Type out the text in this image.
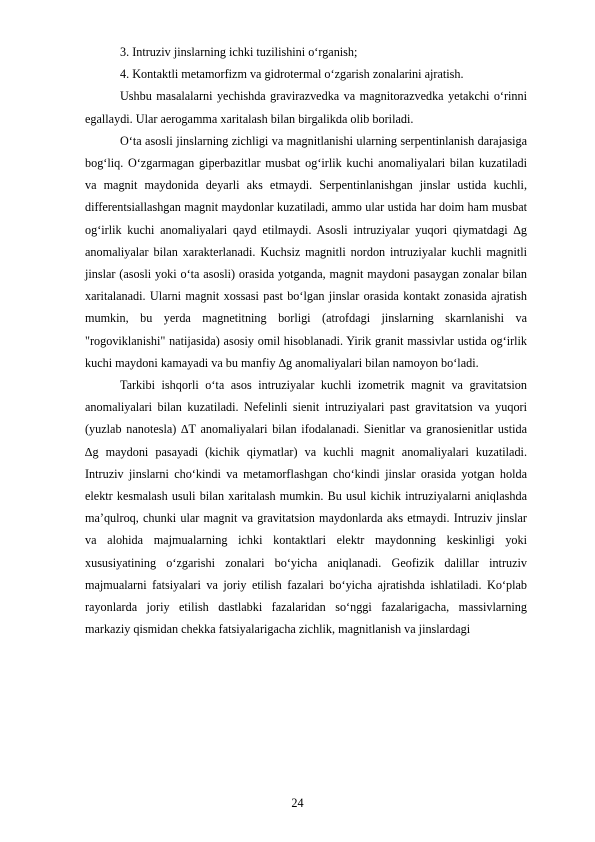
3. Intruziv jinslarning ichki tuzilishini o‘rganish;

4. Kontaktli metamorfizm va gidrotermal o‘zgarish zonalarini ajratish.

Ushbu masalalarni yechishda gravirazvedka va magnitorazvedka yetakchi o‘rinni egallaydi. Ular aerogamma xaritalash bilan birgalikda olib boriladi.

O‘ta asosli jinslarning zichligi va magnitlanishi ularning serpentinlanish darajasiga bog‘liq. O‘zgarmagan giperbazitlar musbat og‘irlik kuchi anomaliyalari bilan kuzatiladi va magnit maydonida deyarli aks etmaydi. Serpentinlanishgan jinslar ustida kuchli, differentsiallashgan magnit maydonlar kuzatiladi, ammo ular ustida har doim ham musbat og‘irlik kuchi anomaliyalari qayd etilmaydi. Asosli intruziyalar yuqori qiymatdagi ∆g anomaliyalar bilan xarakterlanadi. Kuchsiz magnitli nordon intruziyalar kuchli magnitli jinslar (asosli yoki o‘ta asosli) orasida yotganda, magnit maydoni pasaygan zonalar bilan xaritalanadi. Ularni magnit xossasi past bo‘lgan jinslar orasida kontakt zonasida ajratish mumkin, bu yerda magnetitning borligi (atrofdagi jinslarning skarnlanishi va "rogoviklanishi" natijasida) asosiy omil hisoblanadi. Yirik granit massivlar ustida og‘irlik kuchi maydoni kamayadi va bu manfiy ∆g anomaliyalari bilan namoyon bo‘ladi.

Tarkibi ishqorli o‘ta asos intruziyalar kuchli izometrik magnit va gravitatsion anomaliyalari bilan kuzatiladi. Nefelinli sienit intruziyalari past gravitatsion va yuqori (yuzlab nanotesla) ∆T anomaliyalari bilan ifodalanadi. Sienitlar va granosienitlar ustida ∆g maydoni pasayadi (kichik qiymatlar) va kuchli magnit anomaliyalari kuzatiladi. Intruziv jinslarni cho‘kindi va metamorflashgan cho‘kindi jinslar orasida yotgan holda elektr kesmalash usuli bilan xaritalash mumkin. Bu usul kichik intruziyalarni aniqlashda ma’qulroq, chunki ular magnit va gravitatsion maydonlarda aks etmaydi. Intruziv jinslar va alohida majmualarning ichki kontaktlari elektr maydonning keskinligi yoki xususiyatining o‘zgarishi zonalari bo‘yicha aniqlanadi. Geofizik dalillar intruziv majmualarni fatsiyalari va joriy etilish fazalari bo‘yicha ajratishda ishlatiladi. Ko‘plab rayonlarda joriy etilish dastlabki fazalaridan so‘nggi fazalarigacha, massivlarning markaziy qismidan chekka fatsiyalarigacha zichlik, magnitlanish va jinslardagi

24
